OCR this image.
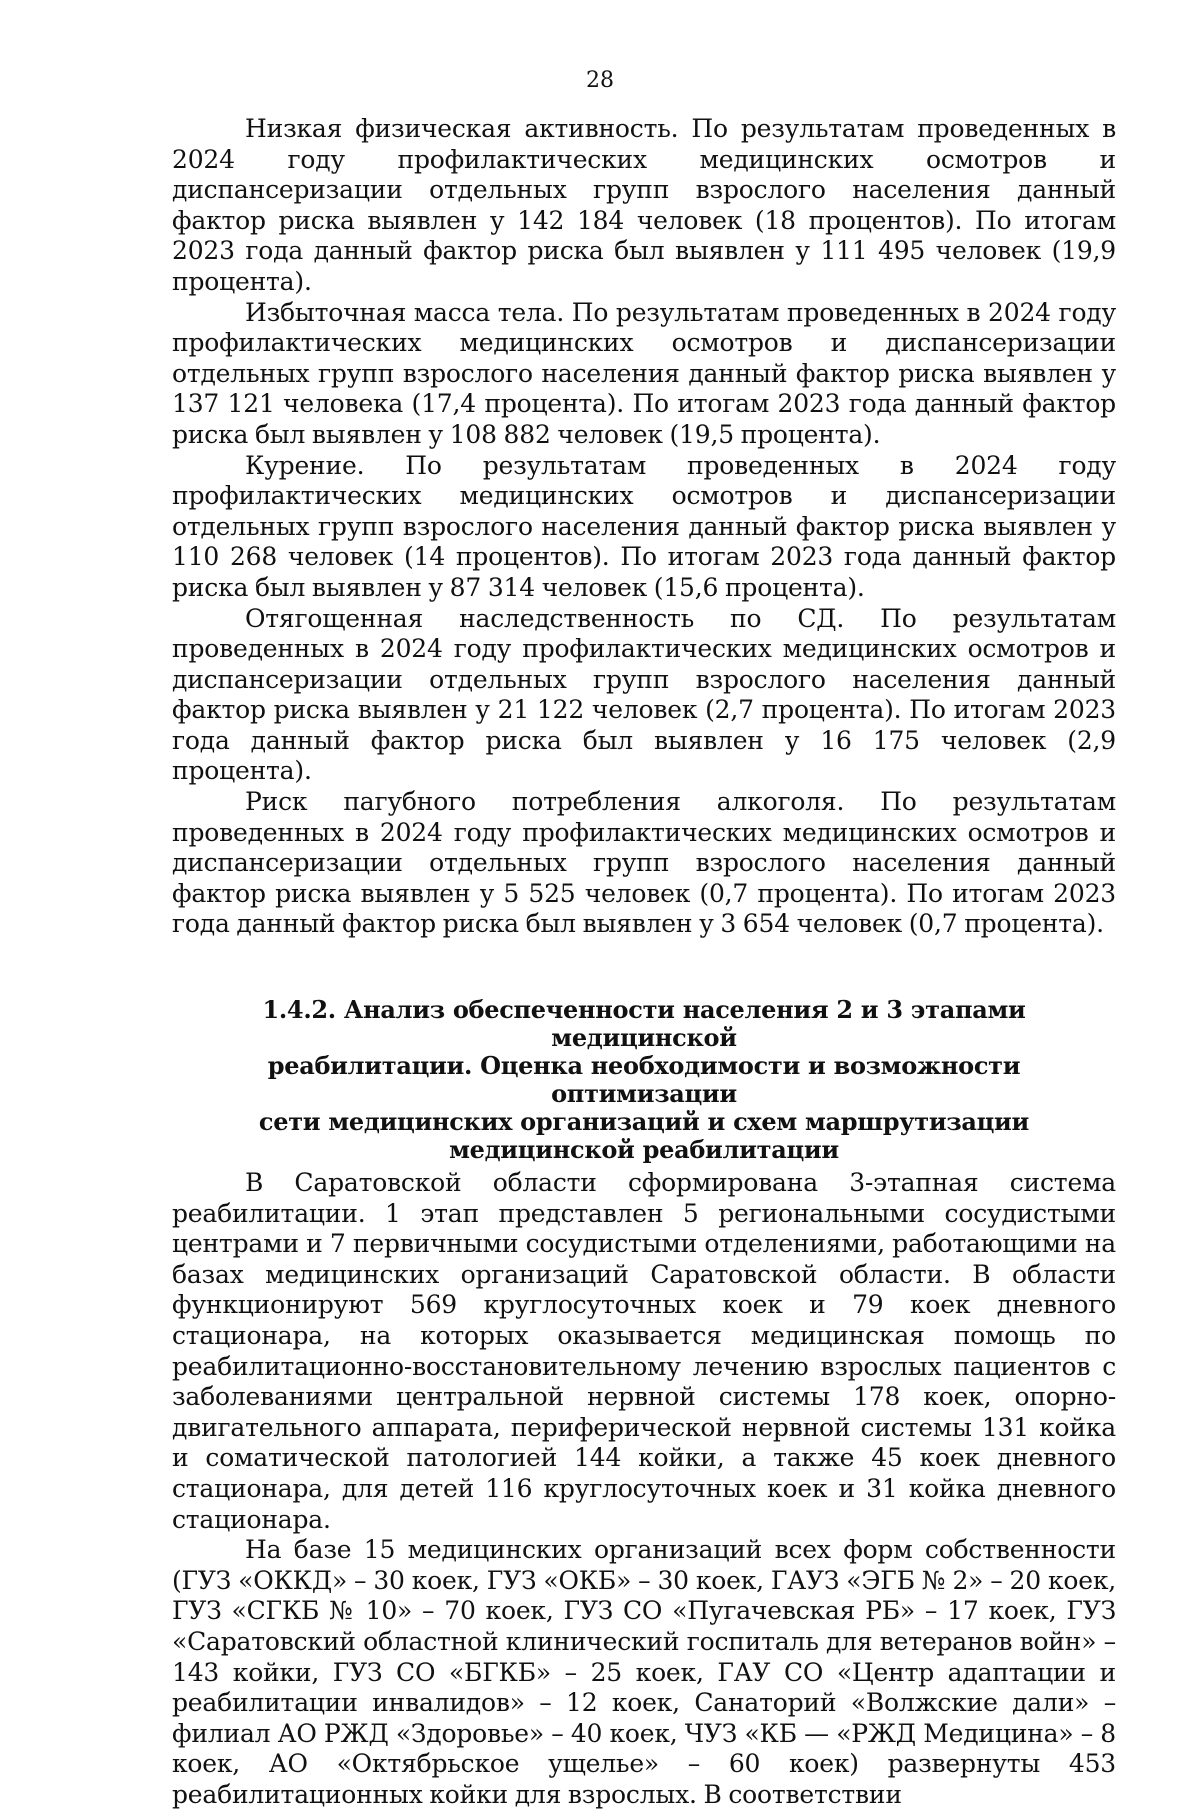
28

Низкая физическая активность. По результатам проведенных в 2024 году профилактических медицинских осмотров и диспансеризации отдельных групп взрослого населения данный фактор риска выявлен у 142 184 человек (18 процентов). По итогам 2023 года данный фактор риска был выявлен у 111 495 человек (19,9 процента).

Избыточная масса тела. По результатам проведенных в 2024 году профилактических медицинских осмотров и диспансеризации отдельных групп взрослого населения данный фактор риска выявлен у 137 121 человека (17,4 процента). По итогам 2023 года данный фактор риска был выявлен у 108 882 человек (19,5 процента).

Курение. По результатам проведенных в 2024 году профилактических медицинских осмотров и диспансеризации отдельных групп взрослого населения данный фактор риска выявлен у 110 268 человек (14 процентов). По итогам 2023 года данный фактор риска был выявлен у 87 314 человек (15,6 процента).

Отягощенная наследственность по СД. По результатам проведенных в 2024 году профилактических медицинских осмотров и диспансеризации отдельных групп взрослого населения данный фактор риска выявлен у 21 122 человек (2,7 процента). По итогам 2023 года данный фактор риска был выявлен у 16 175 человек (2,9 процента).

Риск пагубного потребления алкоголя. По результатам проведенных в 2024 году профилактических медицинских осмотров и диспансеризации отдельных групп взрослого населения данный фактор риска выявлен у 5 525 человек (0,7 процента). По итогам 2023 года данный фактор риска был выявлен у 3 654 человек (0,7 процента).

1.4.2. Анализ обеспеченности населения 2 и 3 этапами медицинской
реабилитации. Оценка необходимости и возможности оптимизации
сети медицинских организаций и схем маршрутизации
медицинской реабилитации

В Саратовской области сформирована 3-этапная система реабилитации. 1 этап представлен 5 региональными сосудистыми центрами и 7 первичными сосудистыми отделениями, работающими на базах медицинских организаций Саратовской области. В области функционируют 569 круглосуточных коек и 79 коек дневного стационара, на которых оказывается медицинская помощь по реабилитационно-восстановительному лечению взрослых пациентов с заболеваниями центральной нервной системы 178 коек, опорно-двигательного аппарата, периферической нервной системы 131 койка и соматической патологией 144 койки, а также 45 коек дневного стационара, для детей 116 круглосуточных коек и 31 койка дневного стационара.

На базе 15 медицинских организаций всех форм собственности (ГУЗ «ОККД» – 30 коек, ГУЗ «ОКБ» – 30 коек, ГАУЗ «ЭГБ № 2» – 20 коек, ГУЗ «СГКБ № 10» – 70 коек, ГУЗ СО «Пугачевская РБ» – 17 коек, ГУЗ «Саратовский областной клинический госпиталь для ветеранов войн» – 143 койки, ГУЗ СО «БГКБ» – 25 коек, ГАУ СО «Центр адаптации и реабилитации инвалидов» – 12 коек, Санаторий «Волжские дали» – филиал АО РЖД «Здоровье» – 40 коек, ЧУЗ «КБ — «РЖД Медицина» – 8 коек, АО «Октябрьское ущелье» – 60 коек) развернуты 453 реабилитационных койки для взрослых. В соответствии
